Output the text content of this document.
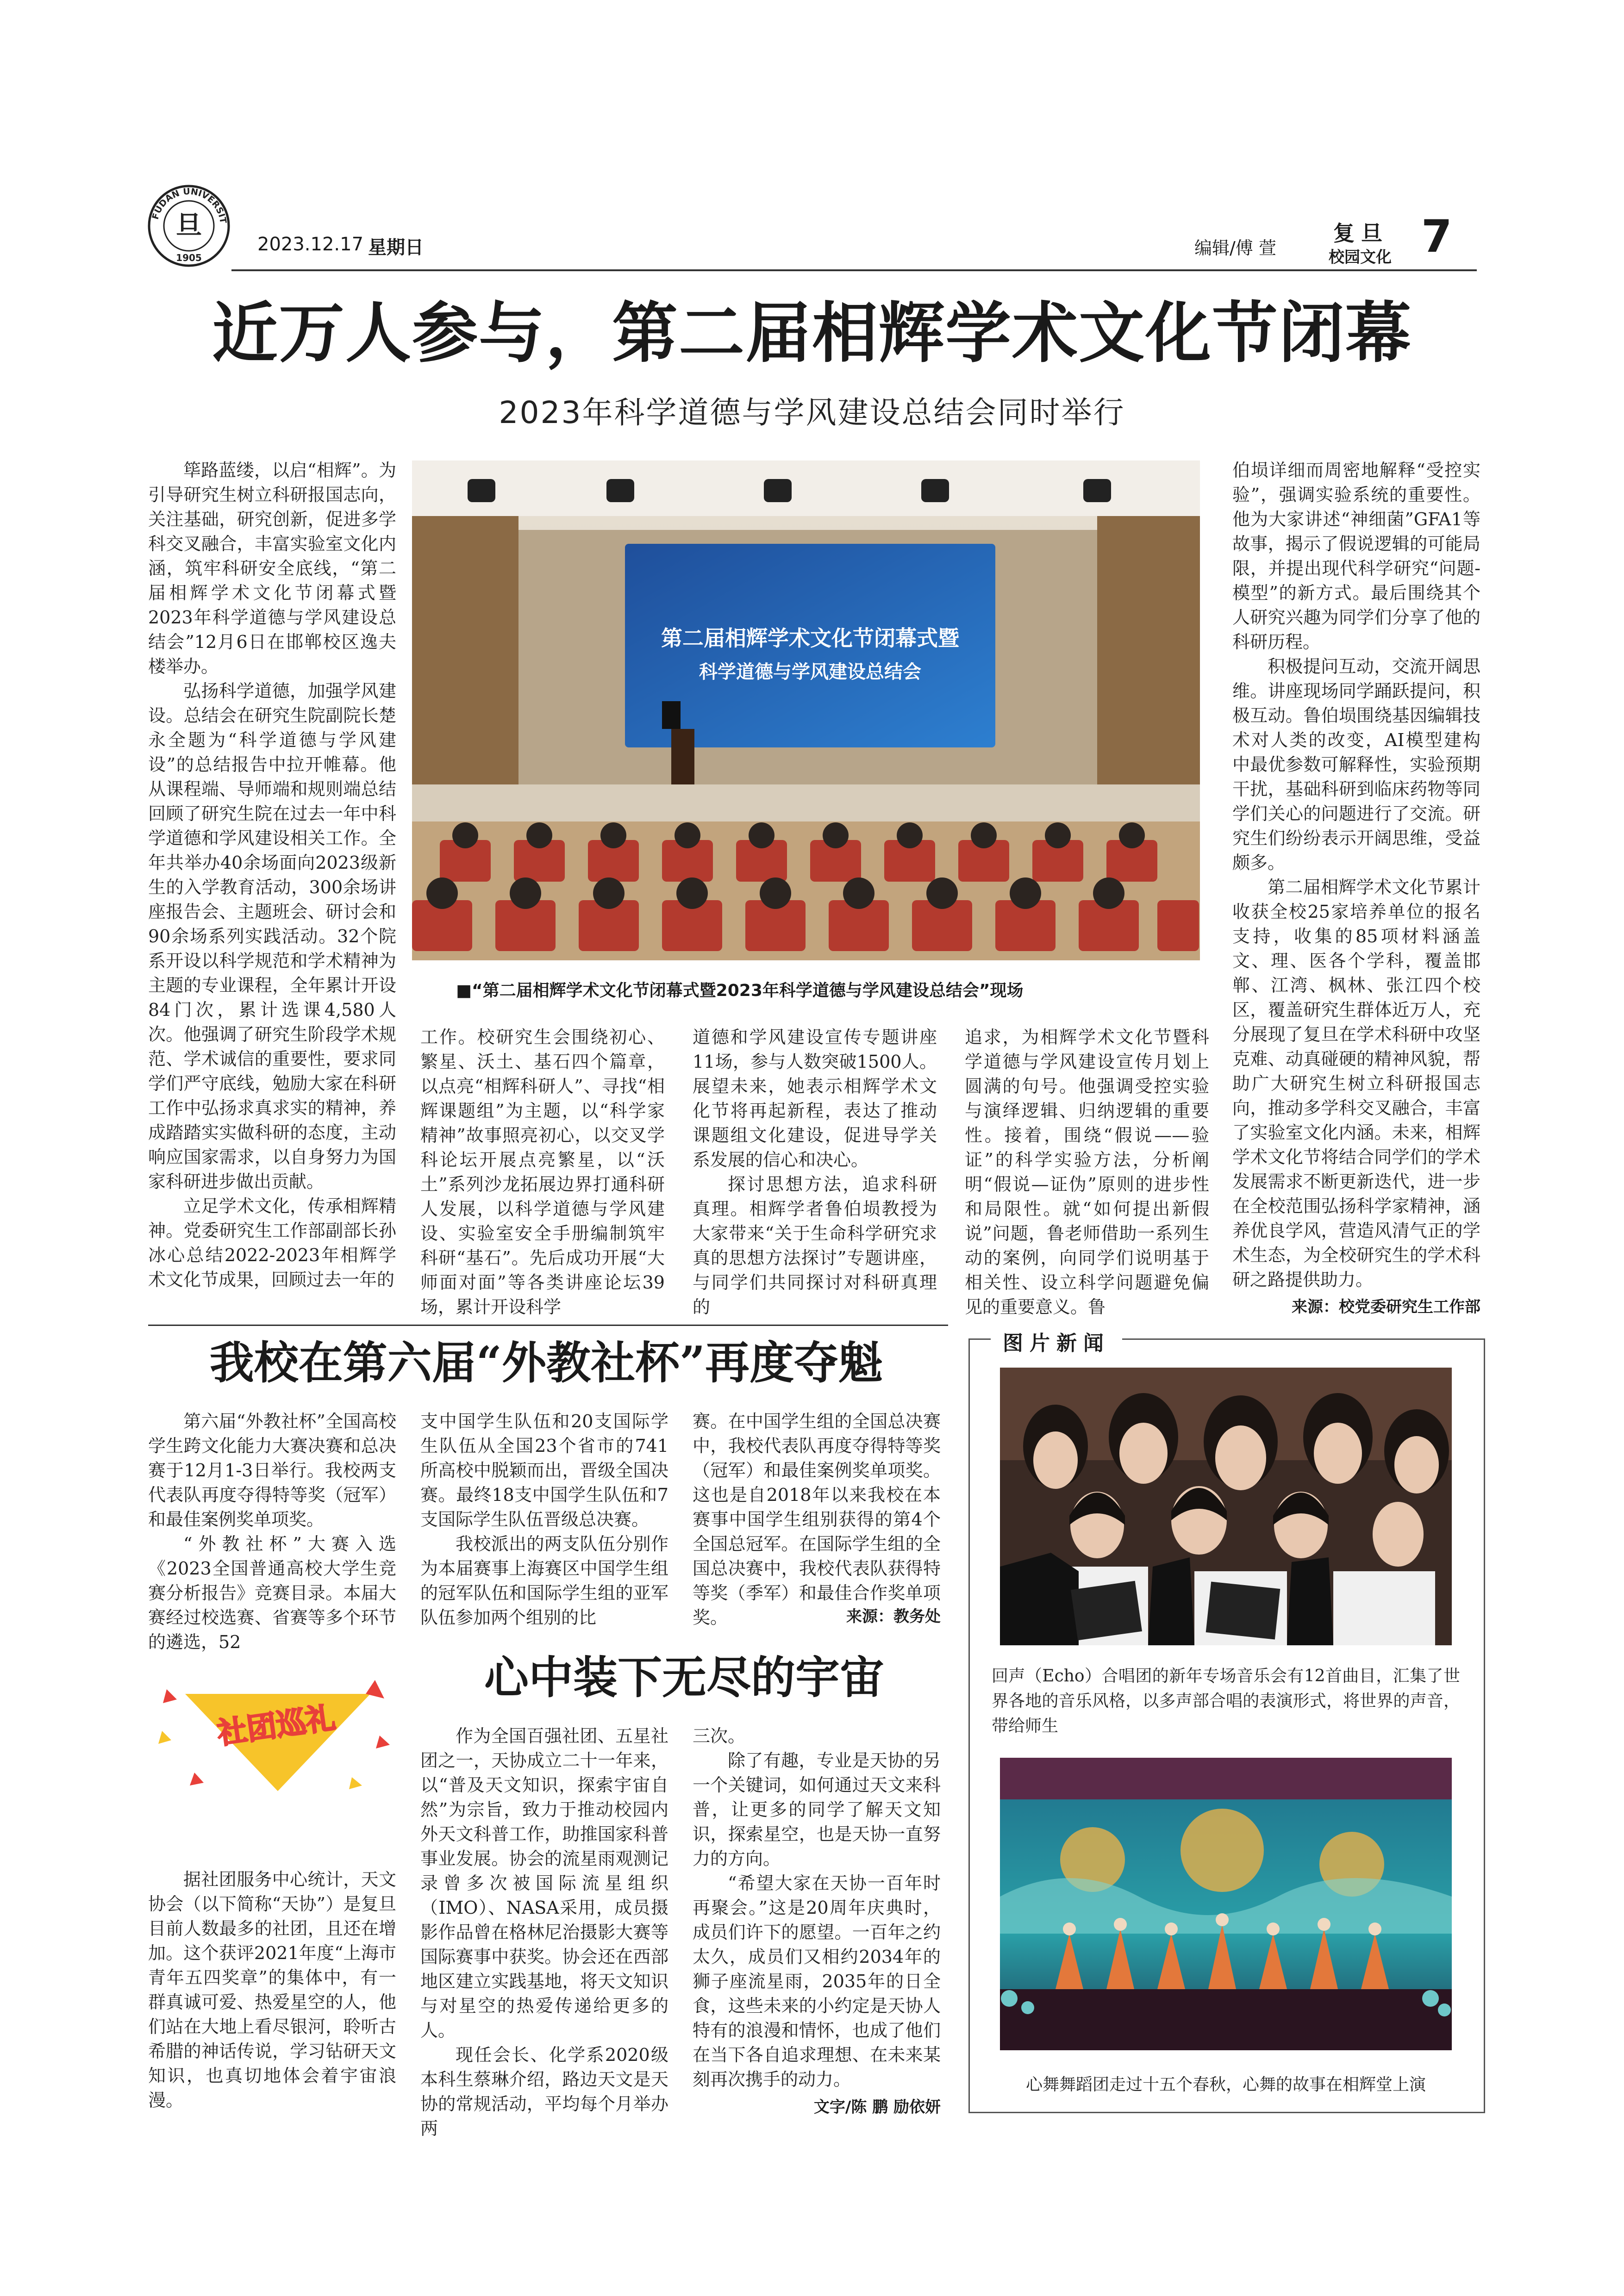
旦
FUDAN UNIVERSIT
1905
2023.12.17 星期日	编辑/傅 萱
复旦
校园文化 7
近万人参与，第二届相辉学术文化节闭幕
2023年科学道德与学风建设总结会同时举行

筚路蓝缕，以启“相辉”。为引导研究生树立科研报国志向，关注基础，研究创新，促进多学科交叉融合，丰富实验室文化内涵，筑牢科研安全底线，“第二届相辉学术文化节闭幕式暨2023年科学道德与学风建设总结会”12月6日在邯郸校区逸夫楼举办。

弘扬科学道德，加强学风建设。总结会在研究生院副院长楚永全题为“科学道德与学风建设”的总结报告中拉开帷幕。他从课程端、导师端和规则端总结回顾了研究生院在过去一年中科学道德和学风建设相关工作。全年共举办40余场面向2023级新生的入学教育活动，300余场讲座报告会、主题班会、研讨会和90余场系列实践活动。32个院系开设以科学规范和学术精神为主题的专业课程，全年累计开设84门次，累计选课4,580人次。他强调了研究生阶段学术规范、学术诚信的重要性，要求同学们严守底线，勉励大家在科研工作中弘扬求真求实的精神，养成踏踏实实做科研的态度，主动响应国家需求，以自身努力为国家科研进步做出贡献。

立足学术文化，传承相辉精神。党委研究生工作部副部长孙冰心总结2022-2023年相辉学术文化节成果，回顾过去一年的

第二届相辉学术文化节闭幕式暨
科学道德与学风建设总结会
■“第二届相辉学术文化节闭幕式暨2023年科学道德与学风建设总结会”现场

工作。校研究生会围绕初心、繁星、沃土、基石四个篇章，以点亮“相辉科研人”、寻找“相辉课题组”为主题，以“科学家精神”故事照亮初心，以交叉学科论坛开展点亮繁星，以“沃土”系列沙龙拓展边界打通科研人发展，以科学道德与学风建设、实验室安全手册编制筑牢科研“基石”。先后成功开展“大师面对面”等各类讲座论坛39场，累计开设科学

道德和学风建设宣传专题讲座11场，参与人数突破1500人。展望未来，她表示相辉学术文化节将再起新程，表达了推动课题组文化建设，促进导学关系发展的信心和决心。

探讨思想方法，追求科研真理。相辉学者鲁伯埙教授为大家带来“关于生命科学研究求真的思想方法探讨”专题讲座，与同学们共同探讨对科研真理的

追求，为相辉学术文化节暨科学道德与学风建设宣传月划上圆满的句号。他强调受控实验与演绎逻辑、归纳逻辑的重要性。接着，围绕“假说——验证”的科学实验方法，分析阐明“假说—证伪”原则的进步性和局限性。就“如何提出新假说”问题，鲁老师借助一系列生动的案例，向同学们说明基于相关性、设立科学问题避免偏见的重要意义。鲁

伯埙详细而周密地解释“受控实验”，强调实验系统的重要性。他为大家讲述“神细菌”GFA1等故事，揭示了假说逻辑的可能局限，并提出现代科学研究“问题-模型”的新方式。最后围绕其个人研究兴趣为同学们分享了他的科研历程。

积极提问互动，交流开阔思维。讲座现场同学踊跃提问，积极互动。鲁伯埙围绕基因编辑技术对人类的改变，AI模型建构中最优参数可解释性，实验预期干扰，基础科研到临床药物等同学们关心的问题进行了交流。研究生们纷纷表示开阔思维，受益颇多。

第二届相辉学术文化节累计收获全校25家培养单位的报名支持，收集的85项材料涵盖文、理、医各个学科，覆盖邯郸、江湾、枫林、张江四个校区，覆盖研究生群体近万人，充分展现了复旦在学术科研中攻坚克难、动真碰硬的精神风貌，帮助广大研究生树立科研报国志向，推动多学科交叉融合，丰富了实验室文化内涵。未来，相辉学术文化节将结合同学们的学术发展需求不断更新迭代，进一步在全校范围弘扬科学家精神，涵养优良学风，营造风清气正的学术生态，为全校研究生的学术科研之路提供助力。

来源：校党委研究生工作部
我校在第六届“外教社杯”再度夺魁

第六届“外教社杯”全国高校学生跨文化能力大赛决赛和总决赛于12月1-3日举行。我校两支代表队再度夺得特等奖（冠军）和最佳案例奖单项奖。

“外教社杯”大赛入选《2023全国普通高校大学生竞赛分析报告》竞赛目录。本届大赛经过校选赛、省赛等多个环节的遴选，52

支中国学生队伍和20支国际学生队伍从全国23个省市的741所高校中脱颖而出，晋级全国决赛。最终18支中国学生队伍和7支国际学生队伍晋级总决赛。

我校派出的两支队伍分别作为本届赛事上海赛区中国学生组的冠军队伍和国际学生组的亚军队伍参加两个组别的比

赛。在中国学生组的全国总决赛中，我校代表队再度夺得特等奖（冠军）和最佳案例奖单项奖。这也是自2018年以来我校在本赛事中国学生组别获得的第4个全国总冠军。在国际学生组的全国总决赛中，我校代表队获得特等奖（季军）和最佳合作奖单项奖。	来源：教务处
社团巡礼
心中装下无尽的宇宙

据社团服务中心统计，天文协会（以下简称“天协”）是复旦目前人数最多的社团，且还在增加。这个获评2021年度“上海市青年五四奖章”的集体中，有一群真诚可爱、热爱星空的人，他们站在大地上看尽银河，聆听古希腊的神话传说，学习钻研天文知识，也真切地体会着宇宙浪漫。

作为全国百强社团、五星社团之一，天协成立二十一年来，以“普及天文知识，探索宇宙自然”为宗旨，致力于推动校园内外天文科普工作，助推国家科普事业发展。协会的流星雨观测记录曾多次被国际流星组织（IMO）、NASA采用，成员摄影作品曾在格林尼治摄影大赛等国际赛事中获奖。协会还在西部地区建立实践基地，将天文知识与对星空的热爱传递给更多的人。

现任会长、化学系2020级本科生蔡琳介绍，路边天文是天协的常规活动，平均每个月举办两

三次。

除了有趣，专业是天协的另一个关键词，如何通过天文来科普，让更多的同学了解天文知识，探索星空，也是天协一直努力的方向。

“希望大家在天协一百年时再聚会。”这是20周年庆典时，成员们许下的愿望。一百年之约太久，成员们又相约2034年的狮子座流星雨，2035年的日全食，这些未来的小约定是天协人特有的浪漫和情怀，也成了他们在当下各自追求理想、在未来某刻再次携手的动力。

文字/陈 鹏 励依妍
图片新闻
回声（Echo）合唱团的新年专场音乐会有12首曲目，汇集了世界各地的音乐风格，以多声部合唱的表演形式，将世界的声音，带给师生
心舞舞蹈团走过十五个春秋，心舞的故事在相辉堂上演
